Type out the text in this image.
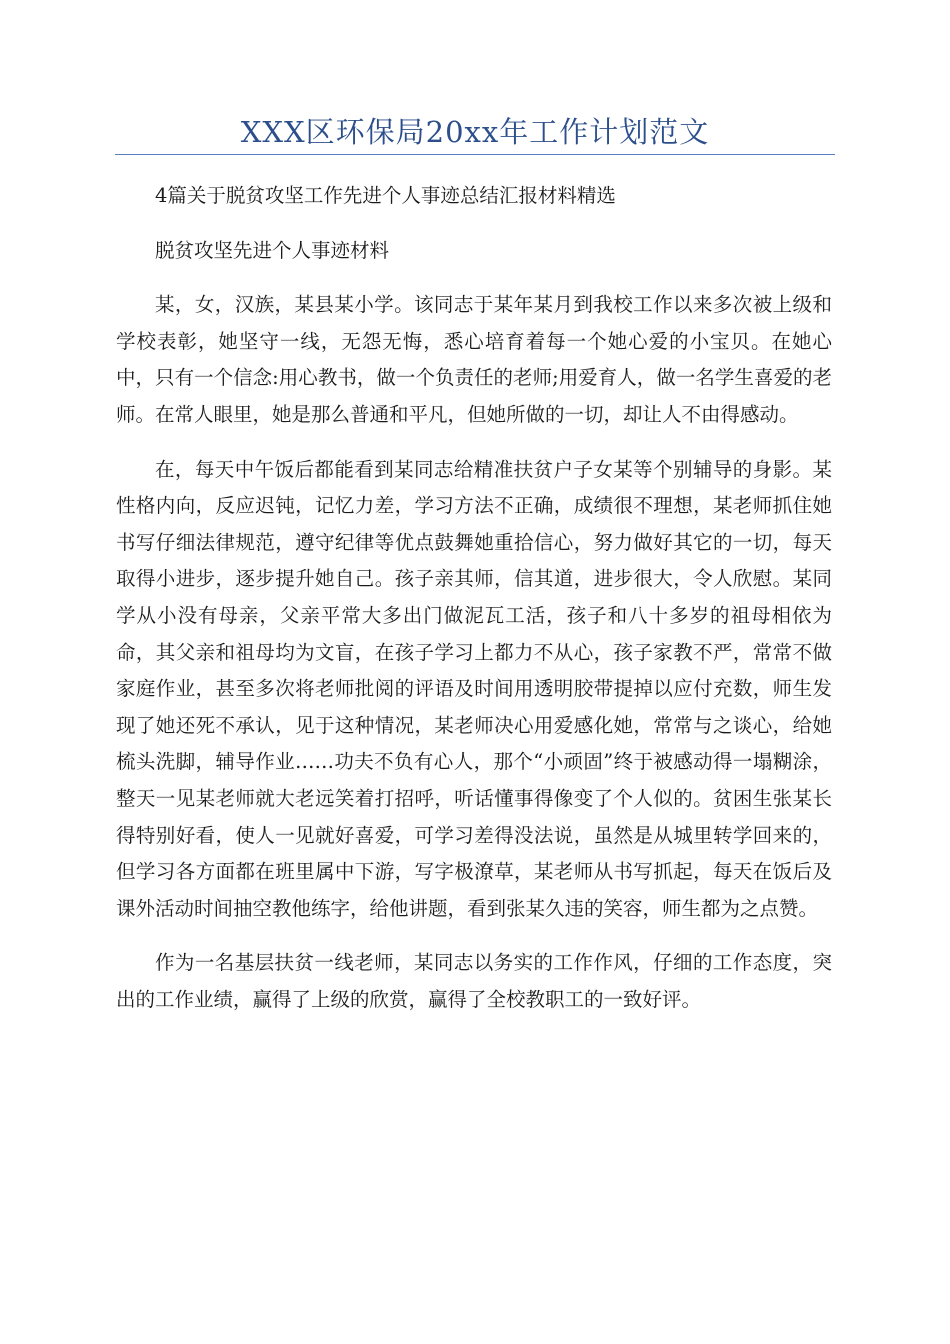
XXX区环保局20xx年工作计划范文

4篇关于脱贫攻坚工作先进个人事迹总结汇报材料精选

脱贫攻坚先进个人事迹材料

某，女，汉族，某县某小学。该同志于某年某月到我校工作以来多次被上级和学校表彰，她坚守一线，无怨无悔，悉心培育着每一个她心爱的小宝贝。在她心中，只有一个信念:用心教书，做一个负责任的老师;用爱育人，做一名学生喜爱的老师。在常人眼里，她是那么普通和平凡，但她所做的一切，却让人不由得感动。

在，每天中午饭后都能看到某同志给精准扶贫户子女某等个别辅导的身影。某性格内向，反应迟钝，记忆力差，学习方法不正确，成绩很不理想，某老师抓住她书写仔细法律规范，遵守纪律等优点鼓舞她重拾信心，努力做好其它的一切，每天取得小进步，逐步提升她自己。孩子亲其师，信其道，进步很大，令人欣慰。某同学从小没有母亲，父亲平常大多出门做泥瓦工活，孩子和八十多岁的祖母相依为命，其父亲和祖母均为文盲，在孩子学习上都力不从心，孩子家教不严，常常不做家庭作业，甚至多次将老师批阅的评语及时间用透明胶带提掉以应付充数，师生发现了她还死不承认，见于这种情况，某老师决心用爱感化她，常常与之谈心，给她梳头洗脚，辅导作业……功夫不负有心人，那个“小顽固”终于被感动得一塌糊涂，整天一见某老师就大老远笑着打招呼，听话懂事得像变了个人似的。贫困生张某长得特别好看，使人一见就好喜爱，可学习差得没法说，虽然是从城里转学回来的，但学习各方面都在班里属中下游，写字极潦草，某老师从书写抓起，每天在饭后及课外活动时间抽空教他练字，给他讲题，看到张某久违的笑容，师生都为之点赞。

作为一名基层扶贫一线老师，某同志以务实的工作作风，仔细的工作态度，突出的工作业绩，赢得了上级的欣赏，赢得了全校教职工的一致好评。
